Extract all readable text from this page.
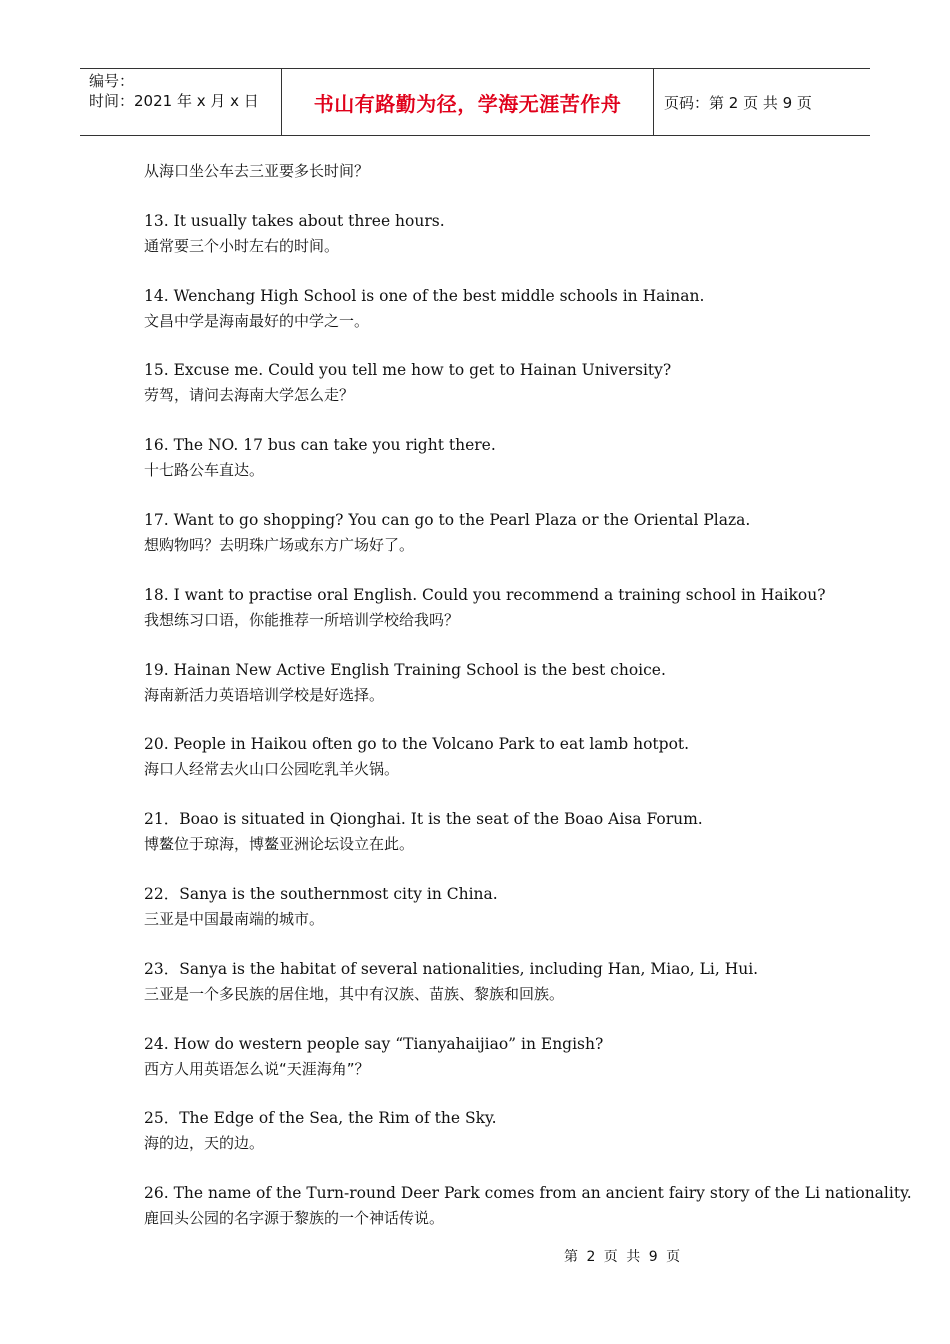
编号：
时间：2021 年 x 月 x 日	书山有路勤为径，学海无涯苦作舟	页码：第 2 页 共 9 页
从海口坐公车去三亚要多长时间？
13. It usually takes about three hours.
通常要三个小时左右的时间。
14. Wenchang High School is one of the best middle schools in Hainan.
文昌中学是海南最好的中学之一。
15. Excuse me. Could you tell me how to get to Hainan University?
劳驾，请问去海南大学怎么走？
16. The NO. 17 bus can take you right there.
十七路公车直达。
17. Want to go shopping? You can go to the Pearl Plaza or the Oriental Plaza.
想购物吗？去明珠广场或东方广场好了。
18. I want to practise oral English. Could you recommend a training school in Haikou?
我想练习口语，你能推荐一所培训学校给我吗？
19. Hainan New Active English Training School is the best choice.
海南新活力英语培训学校是好选择。
20. People in Haikou often go to the Volcano Park to eat lamb hotpot.
海口人经常去火山口公园吃乳羊火锅。
21．Boao is situated in Qionghai. It is the seat of the Boao Aisa Forum.
博鳌位于琼海，博鳌亚洲论坛设立在此。
22．Sanya is the southernmost city in China.
三亚是中国最南端的城市。
23．Sanya is the habitat of several nationalities, including Han, Miao, Li, Hui.
三亚是一个多民族的居住地，其中有汉族、苗族、黎族和回族。
24. How do western people say “Tianyahaijiao” in Engish?
西方人用英语怎么说“天涯海角”？
25．The Edge of the Sea, the Rim of the Sky.
海的边，天的边。
26. The name of the Turn-round Deer Park comes from an ancient fairy story of the Li nationality.
鹿回头公园的名字源于黎族的一个神话传说。
第 2 页 共 9 页
